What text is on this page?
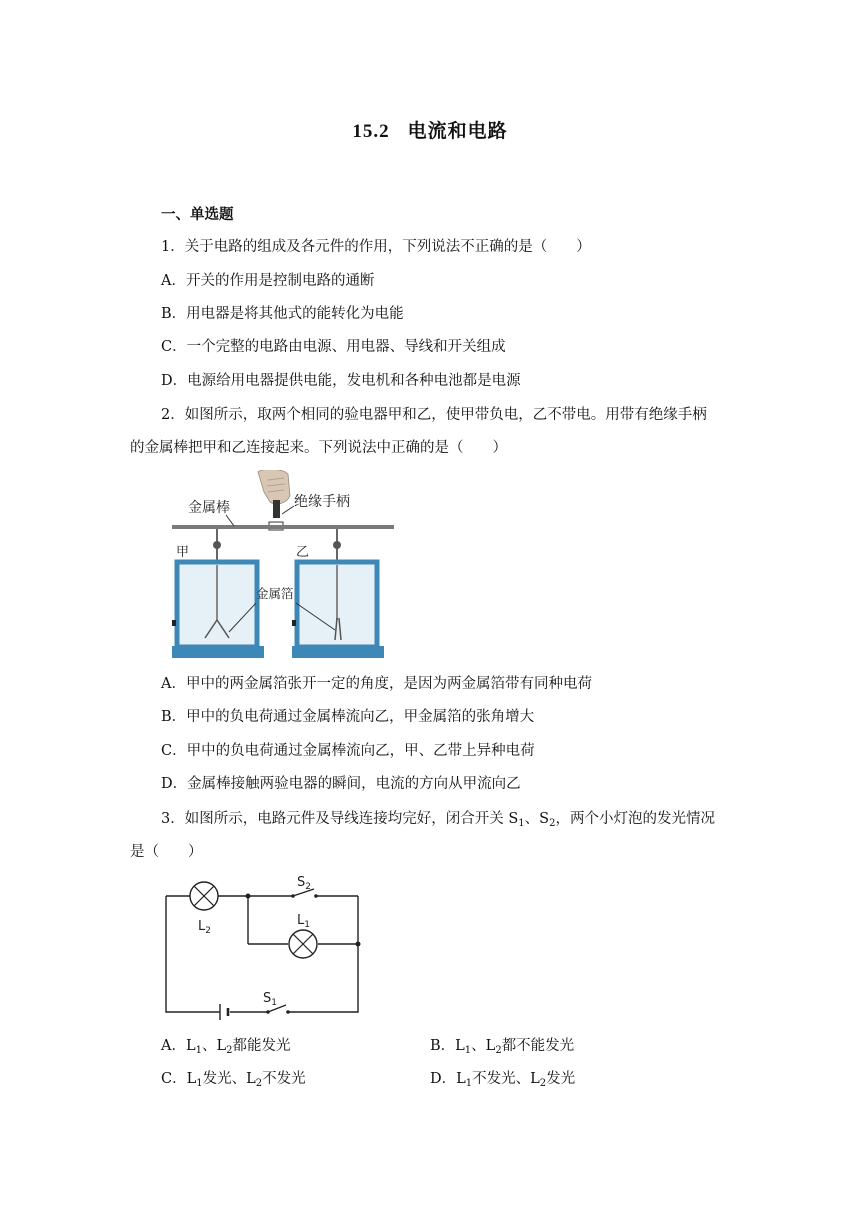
15.2 电流和电路
一、单选题
1．关于电路的组成及各元件的作用，下列说法不正确的是（　　）
A．开关的作用是控制电路的通断
B．用电器是将其他式的能转化为电能
C．一个完整的电路由电源、用电器、导线和开关组成
D．电源给用电器提供电能，发电机和各种电池都是电源
2．如图所示，取两个相同的验电器甲和乙，使甲带负电，乙不带电。用带有绝缘手柄
的金属棒把甲和乙连接起来。下列说法中正确的是（　　）
金属棒	绝缘手柄
甲	乙
金属箔
A．甲中的两金属箔张开一定的角度，是因为两金属箔带有同种电荷
B．甲中的负电荷通过金属棒流向乙，甲金属箔的张角增大
C．甲中的负电荷通过金属棒流向乙，甲、乙带上异种电荷
D．金属棒接触两验电器的瞬间，电流的方向从甲流向乙
3．如图所示，电路元件及导线连接均完好，闭合开关 $S_1$、$S_2$，两个小灯泡的发光情况
是（　　）
$L_2$
$L_1$
$S_2$
$S_1$
A．$L_1$、$L_2$都能发光	B．$L_1$、$L_2$都不能发光
C．$L_1$发光、$L_2$不发光	D．$L_1$不发光、$L_2$发光
